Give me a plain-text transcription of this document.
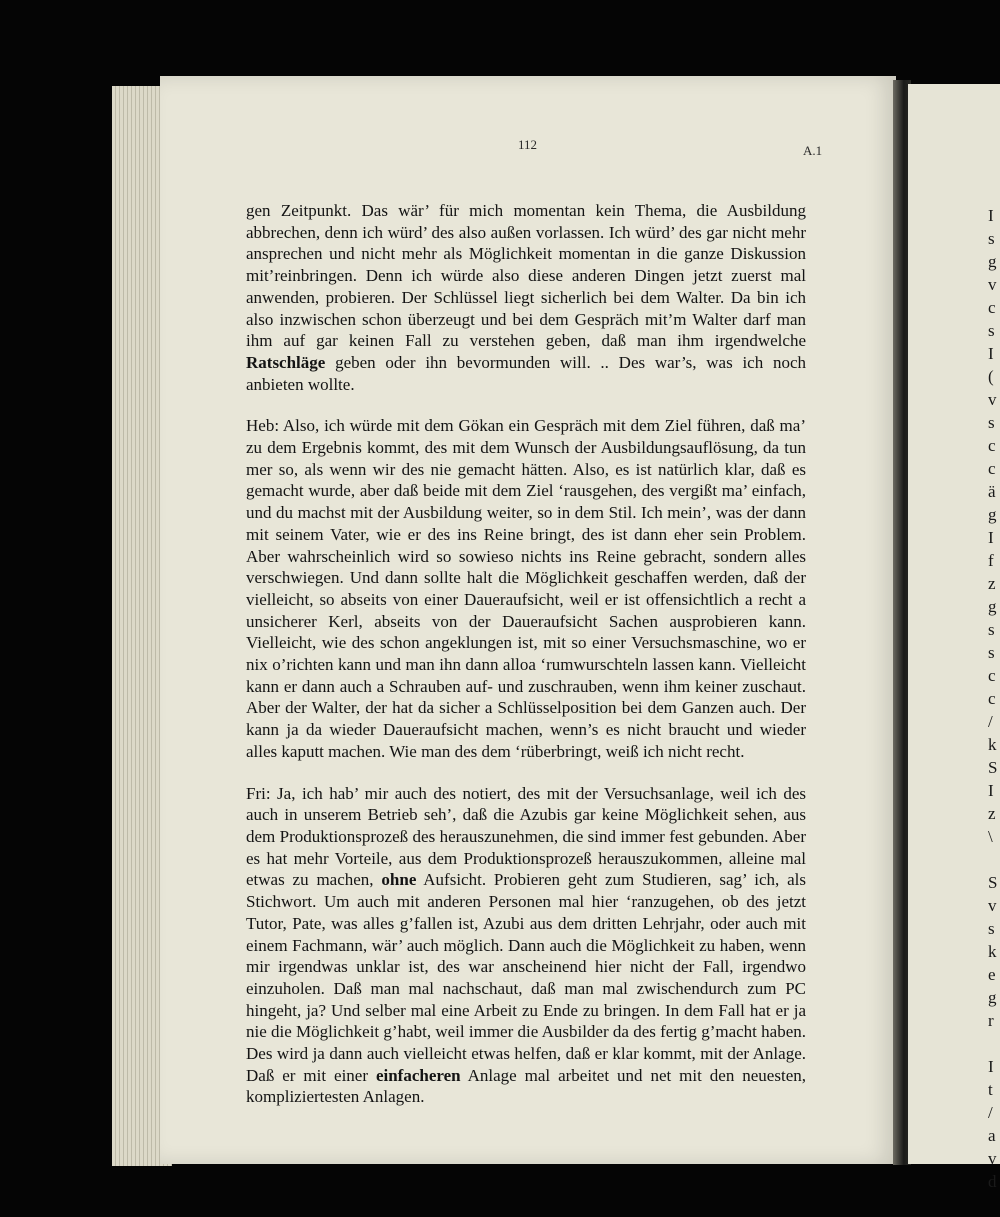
112	A.1

gen Zeitpunkt. Das wär’ für mich momentan kein Thema, die Ausbildung abbrechen, denn ich würd’ des also außen vorlassen. Ich würd’ des gar nicht mehr ansprechen und nicht mehr als Möglichkeit momentan in die ganze Diskussion mit’reinbringen. Denn ich würde also diese anderen Dingen jetzt zuerst mal anwenden, probieren. Der Schlüssel liegt sicherlich bei dem Walter. Da bin ich also inzwischen schon überzeugt und bei dem Gespräch mit’m Walter darf man ihm auf gar keinen Fall zu verstehen geben, daß man ihm irgendwelche Ratschläge geben oder ihn bevormunden will. .. Des war’s, was ich noch anbieten wollte.

Heb: Also, ich würde mit dem Gökan ein Gespräch mit dem Ziel führen, daß ma’ zu dem Ergebnis kommt, des mit dem Wunsch der Ausbildungsauflösung, da tun mer so, als wenn wir des nie gemacht hätten. Also, es ist natürlich klar, daß es gemacht wurde, aber daß beide mit dem Ziel ‘rausgehen, des vergißt ma’ einfach, und du machst mit der Ausbildung weiter, so in dem Stil. Ich mein’, was der dann mit seinem Vater, wie er des ins Reine bringt, des ist dann eher sein Problem. Aber wahrscheinlich wird so sowieso nichts ins Reine gebracht, sondern alles verschwiegen. Und dann sollte halt die Möglichkeit geschaffen werden, daß der vielleicht, so abseits von einer Daueraufsicht, weil er ist offensichtlich a recht a unsicherer Kerl, abseits von der Daueraufsicht Sachen ausprobieren kann. Vielleicht, wie des schon angeklungen ist, mit so einer Versuchsmaschine, wo er nix o’richten kann und man ihn dann alloa ‘rumwurschteln lassen kann. Vielleicht kann er dann auch a Schrauben auf- und zuschrauben, wenn ihm keiner zuschaut. Aber der Walter, der hat da sicher a Schlüsselposition bei dem Ganzen auch. Der kann ja da wieder Daueraufsicht machen, wenn’s es nicht braucht und wieder alles kaputt machen. Wie man des dem ‘rüberbringt, weiß ich nicht recht.

Fri: Ja, ich hab’ mir auch des notiert, des mit der Versuchsanlage, weil ich des auch in unserem Betrieb seh’, daß die Azubis gar keine Möglichkeit sehen, aus dem Produktionsprozeß des herauszunehmen, die sind immer fest gebunden. Aber es hat mehr Vorteile, aus dem Produktionsprozeß herauszukommen, alleine mal etwas zu machen, ohne Aufsicht. Probieren geht zum Studieren, sag’ ich, als Stichwort. Um auch mit anderen Personen mal hier ‘ranzugehen, ob des jetzt Tutor, Pate, was alles g’fallen ist, Azubi aus dem dritten Lehrjahr, oder auch mit einem Fachmann, wär’ auch möglich. Dann auch die Möglichkeit zu haben, wenn mir irgendwas unklar ist, des war anscheinend hier nicht der Fall, irgendwo einzuholen. Daß man mal nachschaut, daß man mal zwischendurch zum PC hingeht, ja? Und selber mal eine Arbeit zu Ende zu bringen. In dem Fall hat er ja nie die Möglichkeit g’habt, weil immer die Ausbilder da des fertig g’macht haben. Des wird ja dann auch vielleicht etwas helfen, daß er klar kommt, mit der Anlage. Daß er mit einer einfacheren Anlage mal arbeitet und net mit den neuesten, kompliziertesten Anlagen.

I
s
g
v
c
s
I
(
v
s
c
c
ä
g
I
f
z
g
s
s
c
c
/
k
S
I
z
\
S
v
s
k
e
g
r
I
t
/
a
v
d
